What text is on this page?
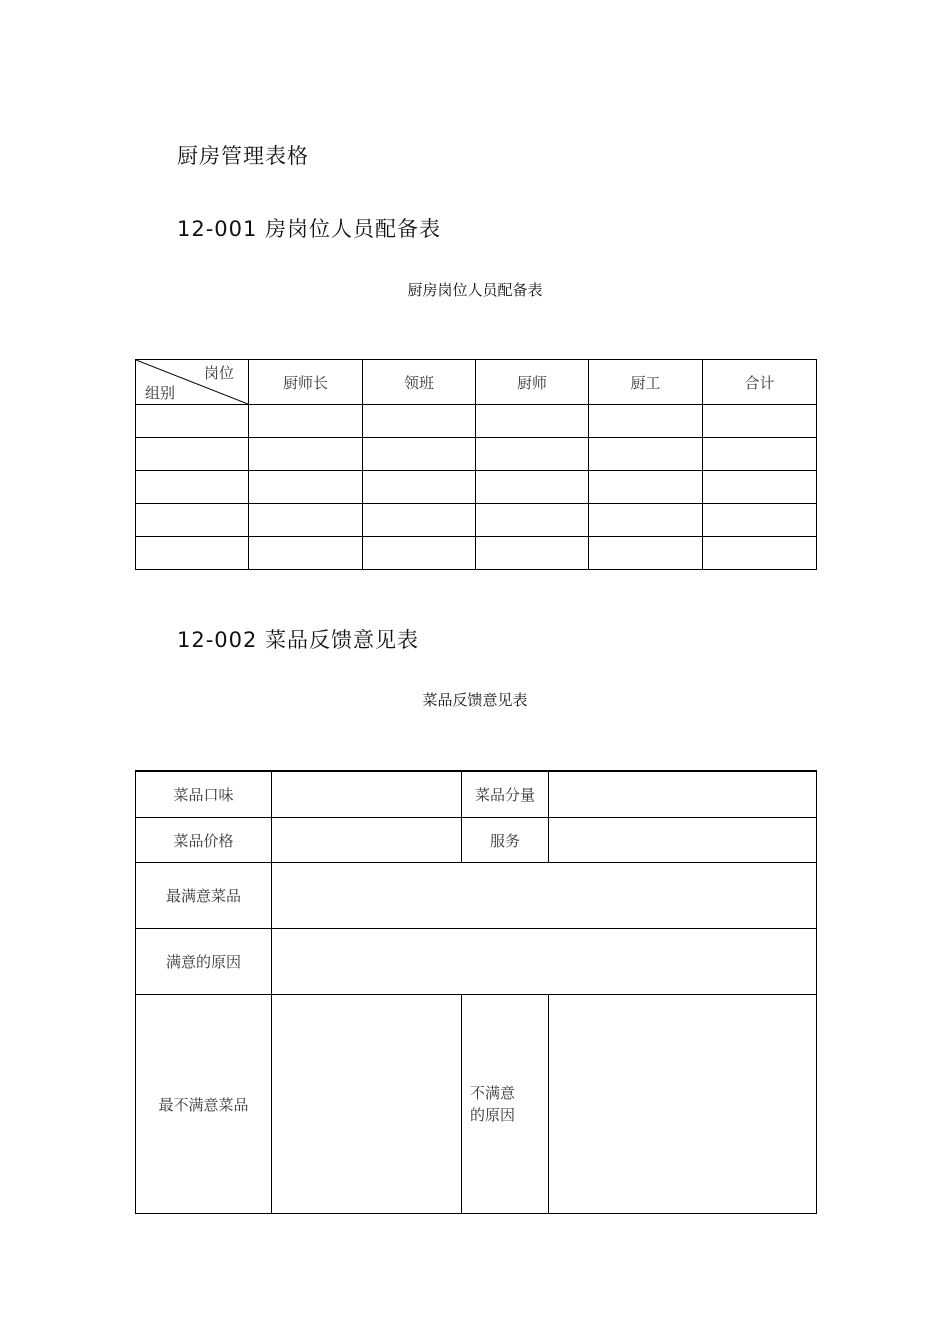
厨房管理表格
12-001 房岗位人员配备表
厨房岗位人员配备表
岗位
组别	厨师长	领班	厨师	厨工	合计

12-002 菜品反馈意见表
菜品反馈意见表
菜品口味		菜品分量	
菜品价格		服务	
最满意菜品			
满意的原因			
最不满意菜品		不满意
的原因	
